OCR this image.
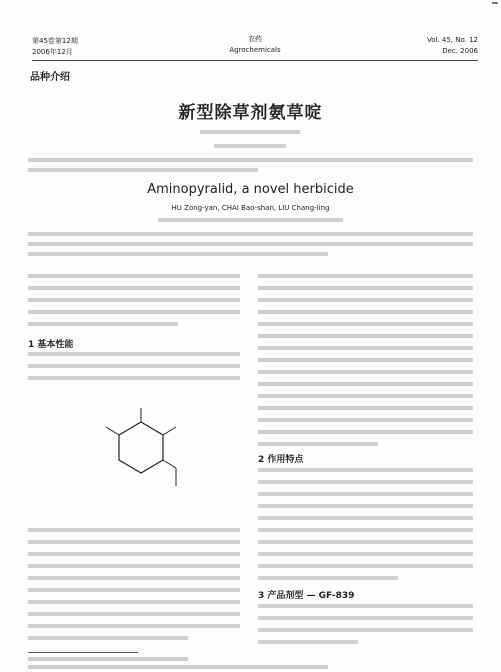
第45卷第12期
2006年12月
农药
Agrochemicals
Vol. 45, No. 12
Dec. 2006
品种介绍
新型除草剂氨草啶
Aminopyralid, a novel herbicide
HU Zong-yan, CHAI Bao-shan, LIU Chang-ling
1 基本性能
2 作用特点
3 产品剂型 — GF-839
